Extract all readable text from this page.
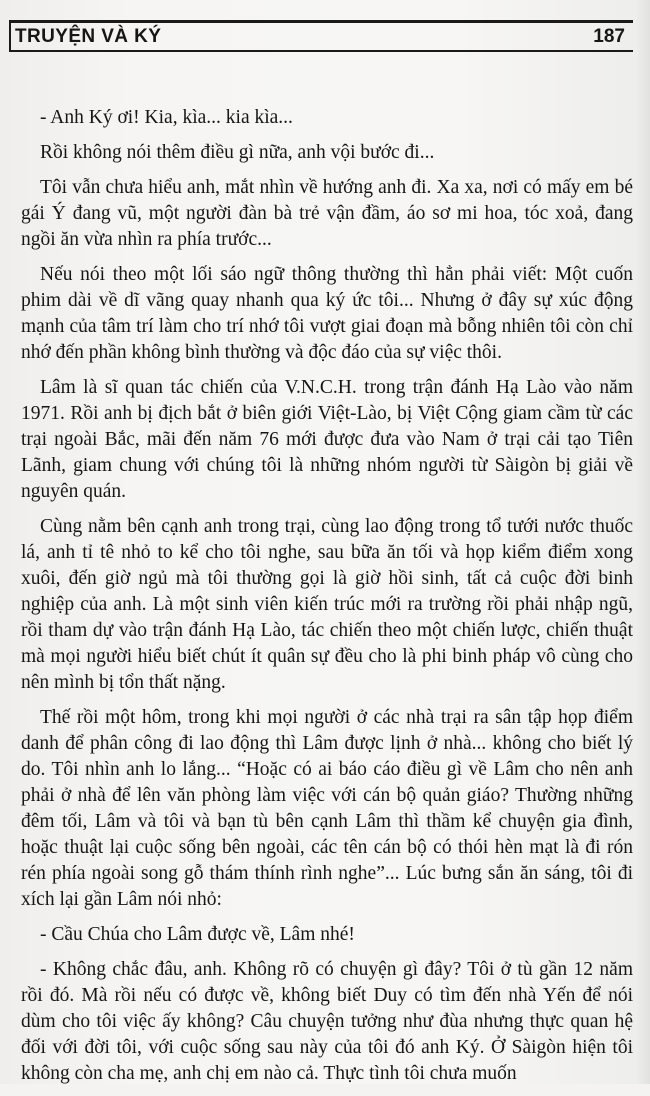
TRUYỆN VÀ KÝ	187

- Anh Ký ơi! Kia, kìa... kia kìa...

Rồi không nói thêm điều gì nữa, anh vội bước đi...

Tôi vẫn chưa hiểu anh, mắt nhìn về hướng anh đi. Xa xa, nơi có mấy em bé gái Ý đang vũ, một người đàn bà trẻ vận đầm, áo sơ mi hoa, tóc xoả, đang ngồi ăn vừa nhìn ra phía trước...

Nếu nói theo một lối sáo ngữ thông thường thì hẳn phải viết: Một cuốn phim dài về dĩ vãng quay nhanh qua ký ức tôi... Nhưng ở đây sự xúc động mạnh của tâm trí làm cho trí nhớ tôi vượt giai đoạn mà bỗng nhiên tôi còn chỉ nhớ đến phần không bình thường và độc đáo của sự việc thôi.

Lâm là sĩ quan tác chiến của V.N.C.H. trong trận đánh Hạ Lào vào năm 1971. Rồi anh bị địch bắt ở biên giới Việt-Lào, bị Việt Cộng giam cầm từ các trại ngoài Bắc, mãi đến năm 76 mới được đưa vào Nam ở trại cải tạo Tiên Lãnh, giam chung với chúng tôi là những nhóm người từ Sàigòn bị giải về nguyên quán.

Cùng nằm bên cạnh anh trong trại, cùng lao động trong tổ tưới nước thuốc lá, anh tỉ tê nhỏ to kể cho tôi nghe, sau bữa ăn tối và họp kiểm điểm xong xuôi, đến giờ ngủ mà tôi thường gọi là giờ hồi sinh, tất cả cuộc đời binh nghiệp của anh. Là một sinh viên kiến trúc mới ra trường rồi phải nhập ngũ, rồi tham dự vào trận đánh Hạ Lào, tác chiến theo một chiến lược, chiến thuật mà mọi người hiểu biết chút ít quân sự đều cho là phi binh pháp vô cùng cho nên mình bị tổn thất nặng.

Thế rồi một hôm, trong khi mọi người ở các nhà trại ra sân tập họp điểm danh để phân công đi lao động thì Lâm được lịnh ở nhà... không cho biết lý do. Tôi nhìn anh lo lắng... “Hoặc có ai báo cáo điều gì về Lâm cho nên anh phải ở nhà để lên văn phòng làm việc với cán bộ quản giáo? Thường những đêm tối, Lâm và tôi và bạn tù bên cạnh Lâm thì thầm kể chuyện gia đình, hoặc thuật lại cuộc sống bên ngoài, các tên cán bộ có thói hèn mạt là đi rón rén phía ngoài song gỗ thám thính rình nghe”... Lúc bưng sắn ăn sáng, tôi đi xích lại gần Lâm nói nhỏ:

- Cầu Chúa cho Lâm được về, Lâm nhé!

- Không chắc đâu, anh. Không rõ có chuyện gì đây? Tôi ở tù gần 12 năm rồi đó. Mà rồi nếu có được về, không biết Duy có tìm đến nhà Yến để nói dùm cho tôi việc ấy không? Câu chuyện tưởng như đùa nhưng thực quan hệ đối với đời tôi, với cuộc sống sau này của tôi đó anh Ký. Ở Sàigòn hiện tôi không còn cha mẹ, anh chị em nào cả. Thực tình tôi chưa muốn
